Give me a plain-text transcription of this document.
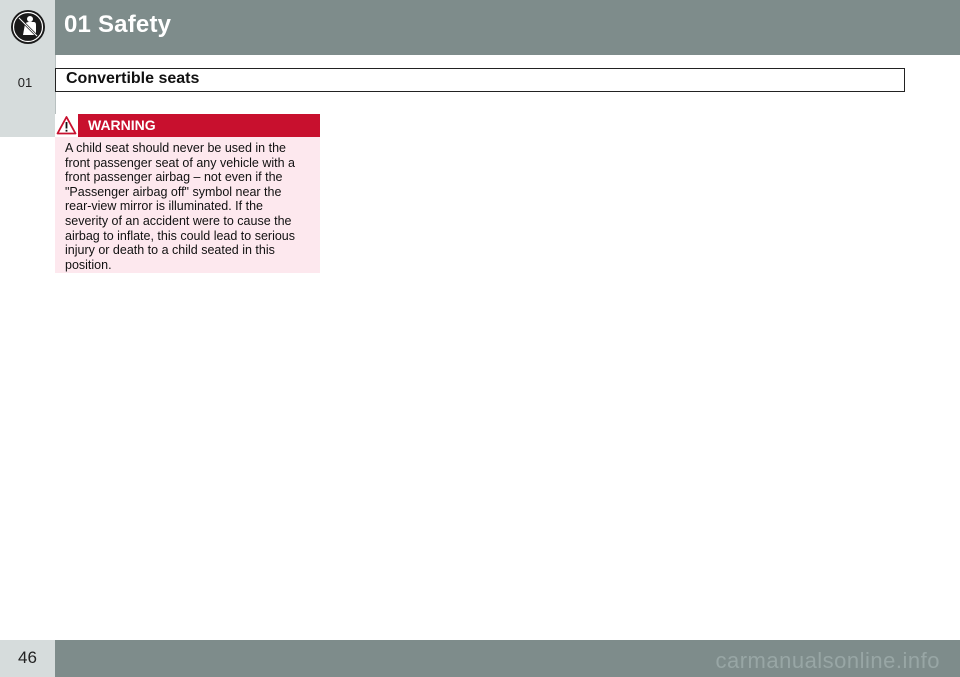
01 Safety
01	Convertible seats
WARNING

A child seat should never be used in the
front passenger seat of any vehicle with a
front passenger airbag – not even if the
"Passenger airbag off" symbol near the
rear-view mirror is illuminated. If the
severity of an accident were to cause the
airbag to inflate, this could lead to serious
injury or death to a child seated in this
position.

46	carmanualsonline.info
